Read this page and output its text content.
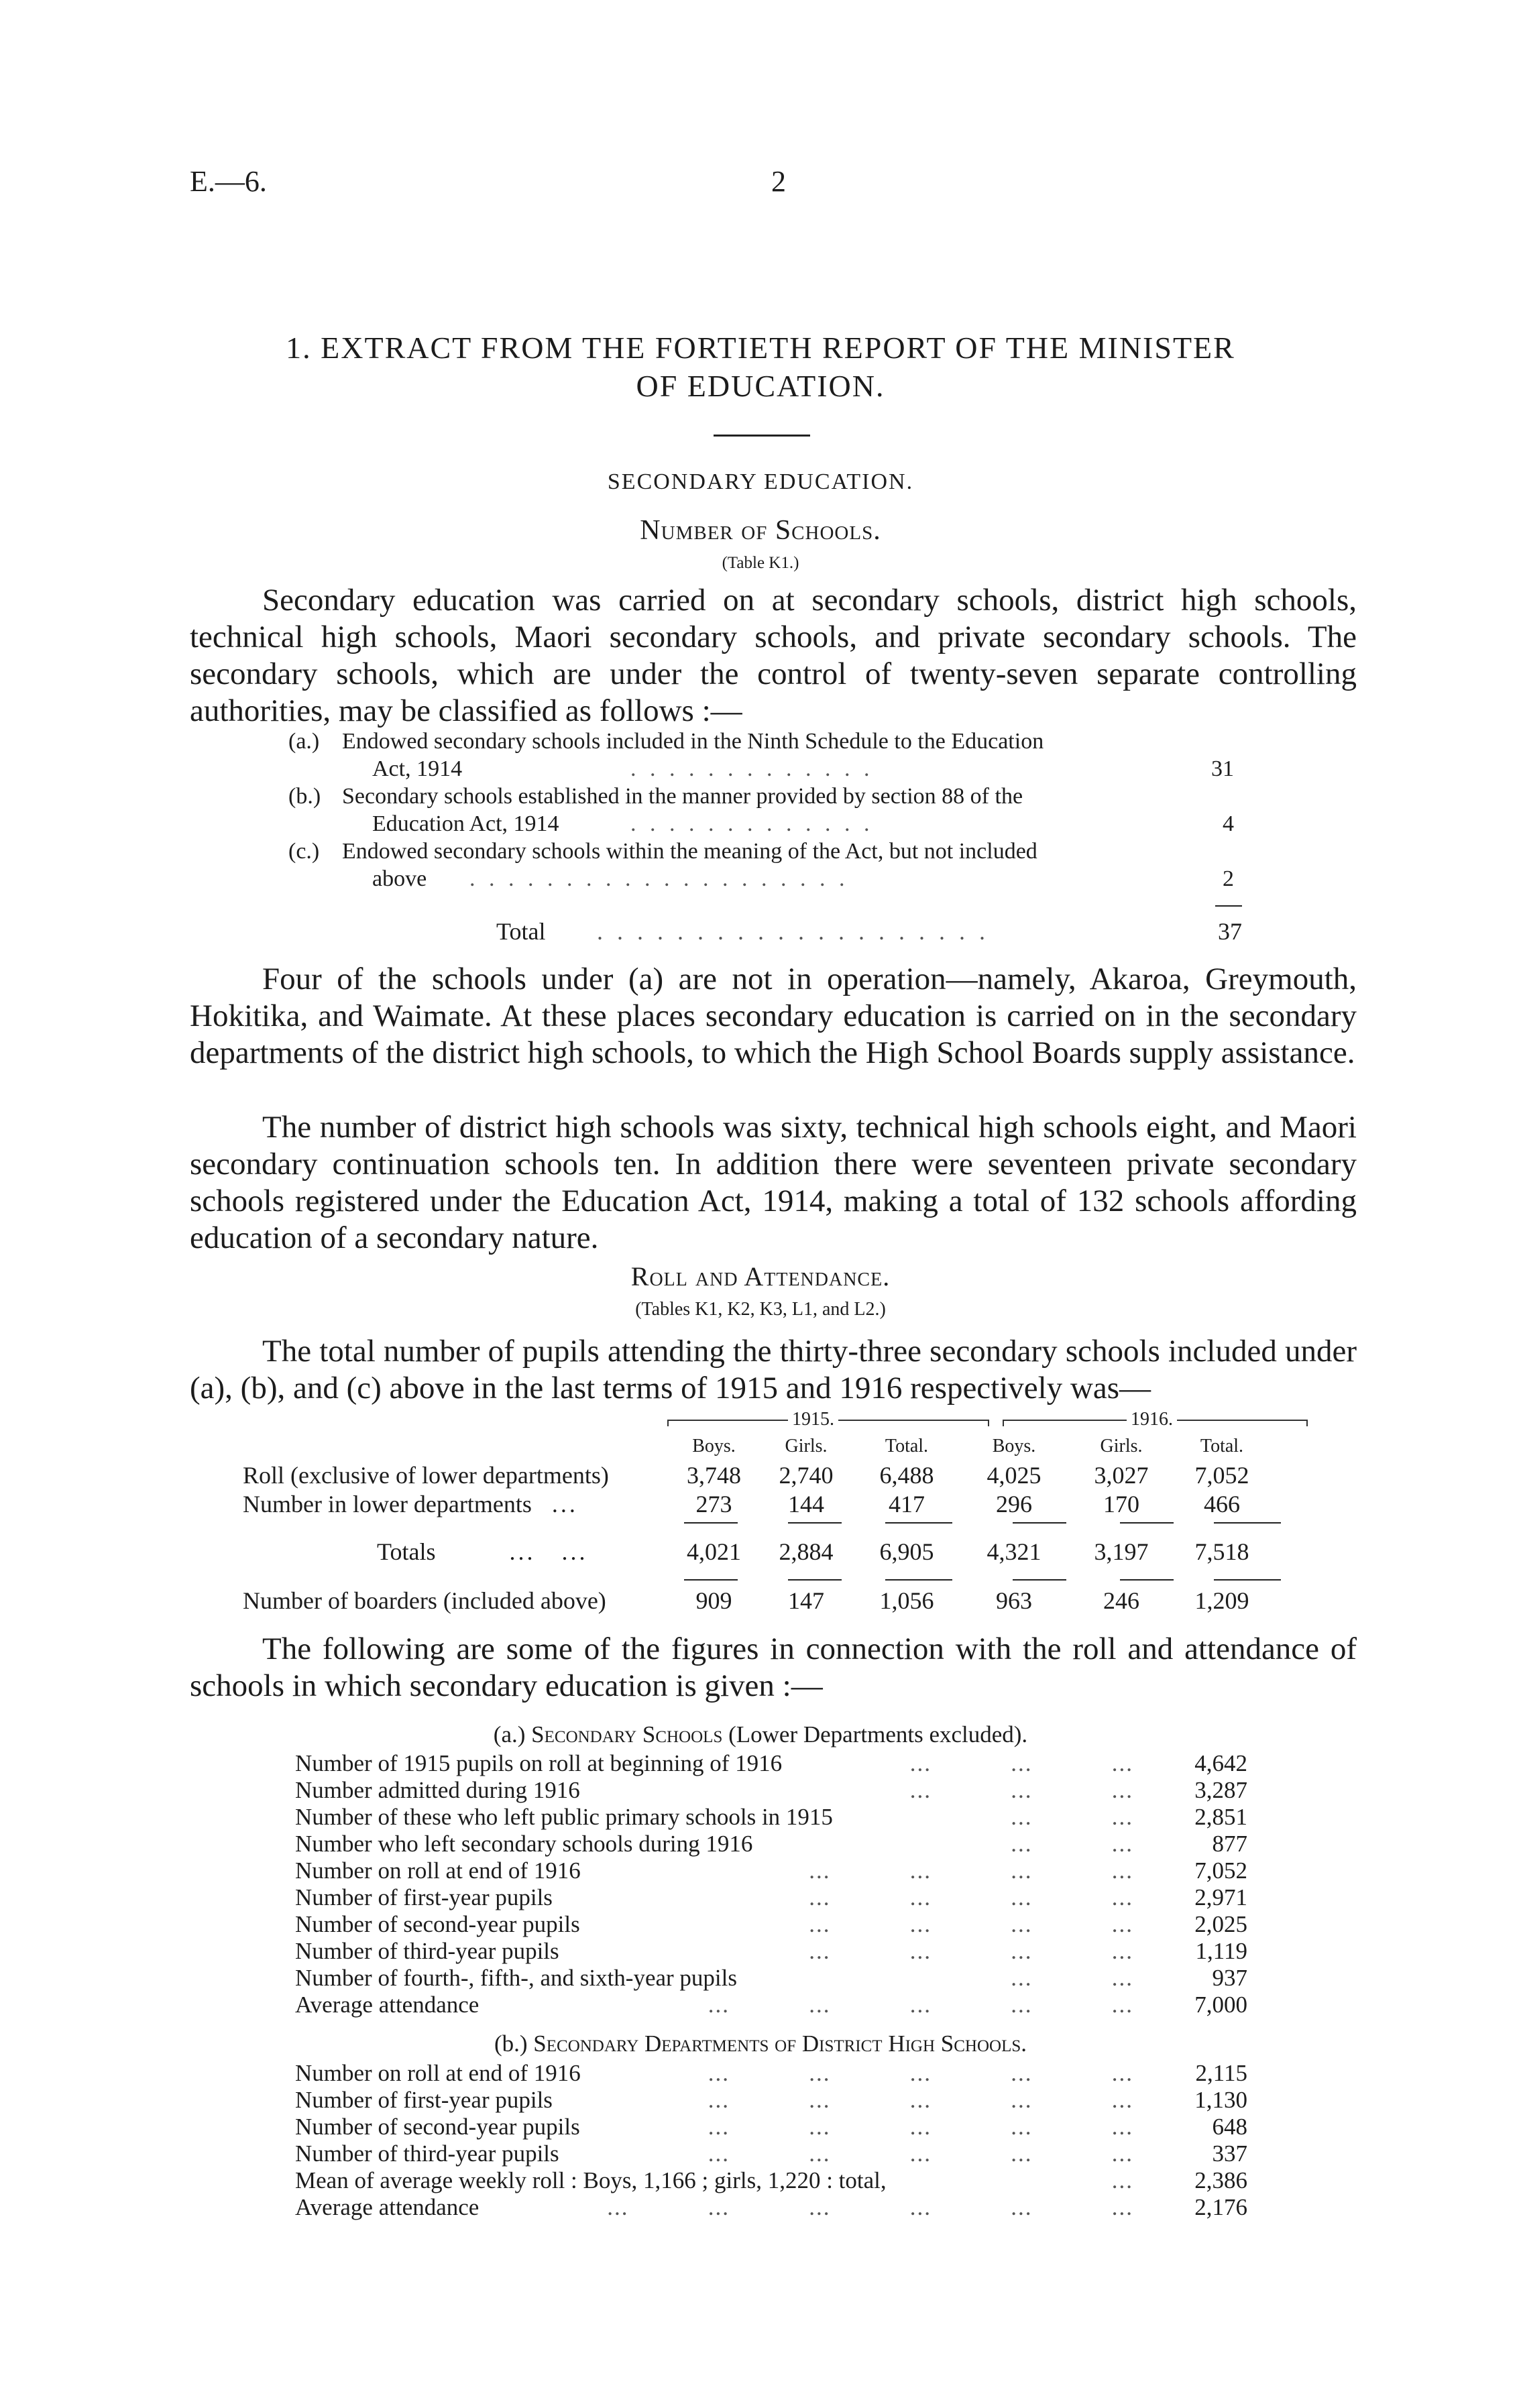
E.—6.	2
1. EXTRACT FROM THE FORTIETH REPORT OF THE MINISTER
OF EDUCATION.
SECONDARY EDUCATION.
Number of Schools.
(Table K1.)

Secondary education was carried on at secondary schools, district high schools, technical high schools, Maori secondary schools, and private secondary schools. The secondary schools, which are under the control of twenty-seven separate controlling authorities, may be classified as follows :—

(a.) Endowed secondary schools included in the Ninth Schedule to the Education
Act, 1914	. . . . . . . . . . . . .	31
(b.) Secondary schools established in the manner provided by section 88 of the
Education Act, 1914	. . . . . . . . . . . . .	4
(c.) Endowed secondary schools within the meaning of the Act, but not included
above . . . . . . . . . . . . . . . . . . . .	2
Total . . . . . . . . . . . . . . . . . . . .	37

Four of the schools under (a) are not in operation—namely, Akaroa, Greymouth, Hokitika, and Waimate. At these places secondary education is carried on in the secondary departments of the district high schools, to which the High School Boards supply assistance.

The number of district high schools was sixty, technical high schools eight, and Maori secondary continuation schools ten. In addition there were seventeen private secondary schools registered under the Education Act, 1914, making a total of 132 schools affording education of a secondary nature.

Roll and Attendance.
(Tables K1, K2, K3, L1, and L2.)

The total number of pupils attending the thirty-three secondary schools included under (a), (b), and (c) above in the last terms of 1915 and 1916 respectively was—

1915.	1916.
	Boys.	Girls.	Total.	Boys.	Girls.	Total.
Roll (exclusive of lower departments)	3,748	2,740	6,488	4,025	3,027	7,052
Number in lower departments ...	273	144	417	296	170	466

Totals ...   ...	4,021	2,884	6,905	4,321	3,197	7,518

Number of boarders (included above)	909	147	1,056	963	246	1,209

The following are some of the figures in connection with the roll and attendance of schools in which secondary education is given :—

(a.) Secondary Schools (Lower Departments excluded).
Number of 1915 pupils on roll at beginning of 1916	...           ...           ...	4,642
Number admitted during 1916	...           ...           ...	3,287
Number of these who left public primary schools in 1915	...           ...	2,851
Number who left secondary schools during 1916	...           ...	877
Number on roll at end of 1916	...           ...           ...           ...	7,052
Number of first-year pupils	...           ...           ...           ...	2,971
Number of second-year pupils	...           ...           ...           ...	2,025
Number of third-year pupils	...           ...           ...           ...	1,119
Number of fourth-, fifth-, and sixth-year pupils	...           ...	937
Average attendance	...           ...           ...           ...           ...	7,000
(b.) Secondary Departments of District High Schools.
Number on roll at end of 1916	...           ...           ...           ...           ...	2,115
Number of first-year pupils	...           ...           ...           ...           ...	1,130
Number of second-year pupils	...           ...           ...           ...           ...	648
Number of third-year pupils	...           ...           ...           ...           ...	337
Mean of average weekly roll : Boys, 1,166 ; girls, 1,220 : total,	...	2,386
Average attendance	...           ...           ...           ...           ...           ...	2,176
